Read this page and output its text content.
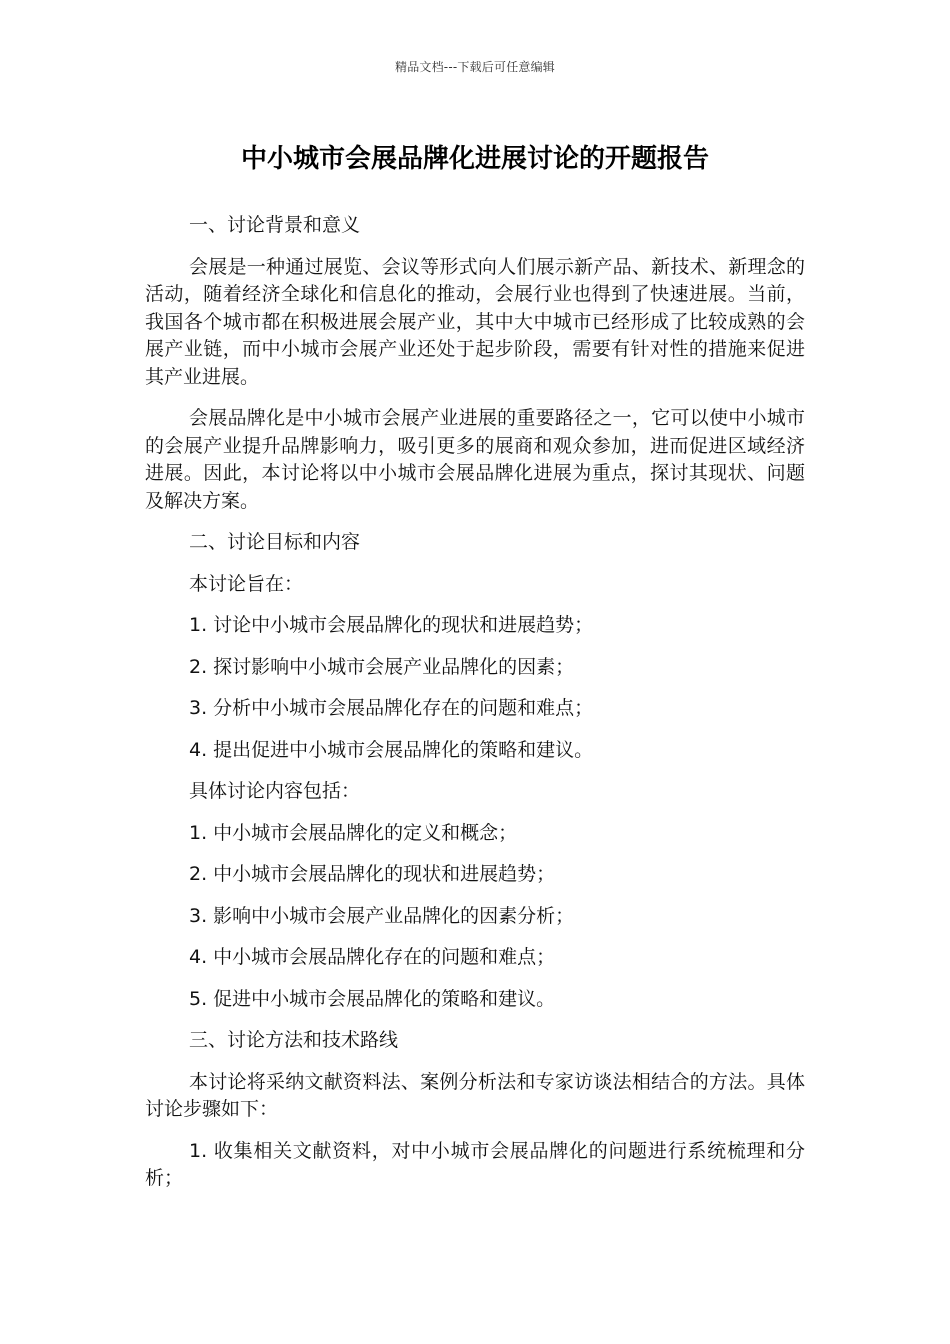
精品文档---下载后可任意编辑
中小城市会展品牌化进展讨论的开题报告

一、讨论背景和意义

会展是一种通过展览、会议等形式向人们展示新产品、新技术、新理念的活动，随着经济全球化和信息化的推动，会展行业也得到了快速进展。当前，我国各个城市都在积极进展会展产业，其中大中城市已经形成了比较成熟的会展产业链，而中小城市会展产业还处于起步阶段，需要有针对性的措施来促进其产业进展。

会展品牌化是中小城市会展产业进展的重要路径之一，它可以使中小城市的会展产业提升品牌影响力，吸引更多的展商和观众参加，进而促进区域经济进展。因此，本讨论将以中小城市会展品牌化进展为重点，探讨其现状、问题及解决方案。

二、讨论目标和内容

本讨论旨在：

1. 讨论中小城市会展品牌化的现状和进展趋势；

2. 探讨影响中小城市会展产业品牌化的因素；

3. 分析中小城市会展品牌化存在的问题和难点；

4. 提出促进中小城市会展品牌化的策略和建议。

具体讨论内容包括：

1. 中小城市会展品牌化的定义和概念；

2. 中小城市会展品牌化的现状和进展趋势；

3. 影响中小城市会展产业品牌化的因素分析；

4. 中小城市会展品牌化存在的问题和难点；

5. 促进中小城市会展品牌化的策略和建议。

三、讨论方法和技术路线

本讨论将采纳文献资料法、案例分析法和专家访谈法相结合的方法。具体讨论步骤如下：

1. 收集相关文献资料，对中小城市会展品牌化的问题进行系统梳理和分析；
